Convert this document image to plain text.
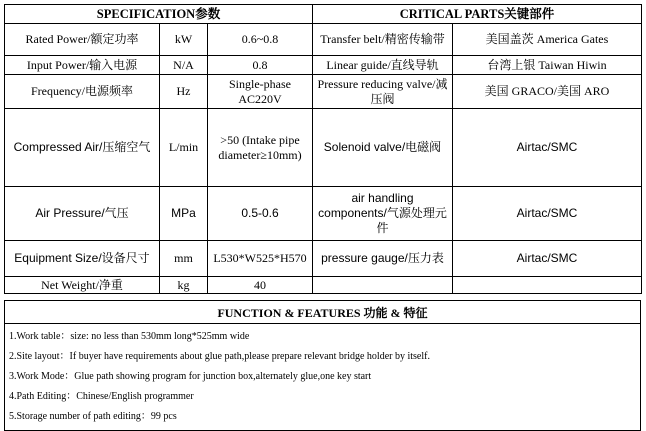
SPECIFICATION参数			CRITICAL PARTS关键部件	
Rated Power/额定功率	kW	0.6~0.8	Transfer belt/精密传输带	美国盖茨 America Gates
Input Power/输入电源	N/A	0.8	Linear guide/直线导轨	台湾上银 Taiwan Hiwin
Frequency/电源频率	Hz	Single-phase AC220V	Pressure reducing valve/减压阀	美国 GRACO/美国 ARO
Compressed Air/压缩空气	L/min	>50 (Intake pipe diameter≥10mm)	Solenoid valve/电磁阀	Airtac/SMC
Air Pressure/气压	MPa	0.5-0.6	air handling components/气源处理元件	Airtac/SMC
Equipment Size/设备尺寸	mm	L530*W525*H570	pressure gauge/压力表	Airtac/SMC
Net Weight/净重	kg	40		
FUNCTION & FEATURES 功能 & 特征

1.Work table：size: no less than 530mm long*525mm wide
2.Site layout：If buyer have requirements about glue path,please prepare relevant bridge holder by itself.
3.Work Mode：Glue path showing program for junction box,alternately glue,one key start
4.Path Editing：Chinese/English programmer
5.Storage number of path editing：99 pcs
